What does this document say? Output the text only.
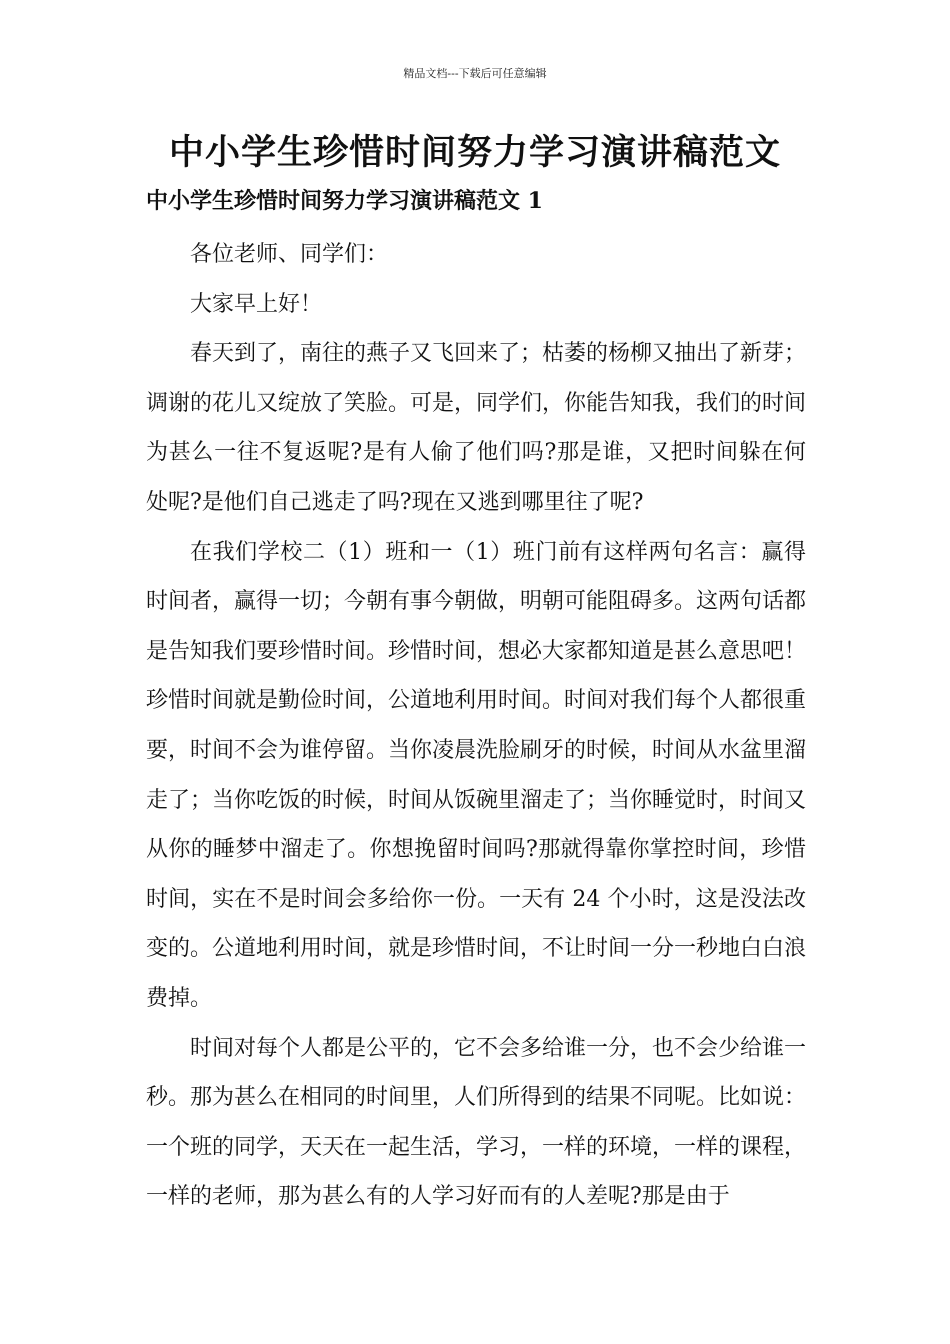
精品文档---下载后可任意编辑
中小学生珍惜时间努力学习演讲稿范文
中小学生珍惜时间努力学习演讲稿范文 1

各位老师、同学们：

大家早上好！

春天到了，南往的燕子又飞回来了；枯萎的杨柳又抽出了新芽；调谢的花儿又绽放了笑脸。可是，同学们，你能告知我，我们的时间为甚么一往不复返呢?是有人偷了他们吗?那是谁，又把时间躲在何处呢?是他们自己逃走了吗?现在又逃到哪里往了呢?

在我们学校二（1）班和一（1）班门前有这样两句名言：赢得时间者，赢得一切；今朝有事今朝做，明朝可能阻碍多。这两句话都是告知我们要珍惜时间。珍惜时间，想必大家都知道是甚么意思吧！珍惜时间就是勤俭时间，公道地利用时间。时间对我们每个人都很重要，时间不会为谁停留。当你凌晨洗脸刷牙的时候，时间从水盆里溜走了；当你吃饭的时候，时间从饭碗里溜走了；当你睡觉时，时间又从你的睡梦中溜走了。你想挽留时间吗?那就得靠你掌控时间，珍惜时间，实在不是时间会多给你一份。一天有 24 个小时，这是没法改变的。公道地利用时间，就是珍惜时间，不让时间一分一秒地白白浪费掉。

时间对每个人都是公平的，它不会多给谁一分，也不会少给谁一秒。那为甚么在相同的时间里，人们所得到的结果不同呢。比如说：一个班的同学，天天在一起生活，学习，一样的环境，一样的课程，一样的老师，那为甚么有的人学习好而有的人差呢?那是由于
